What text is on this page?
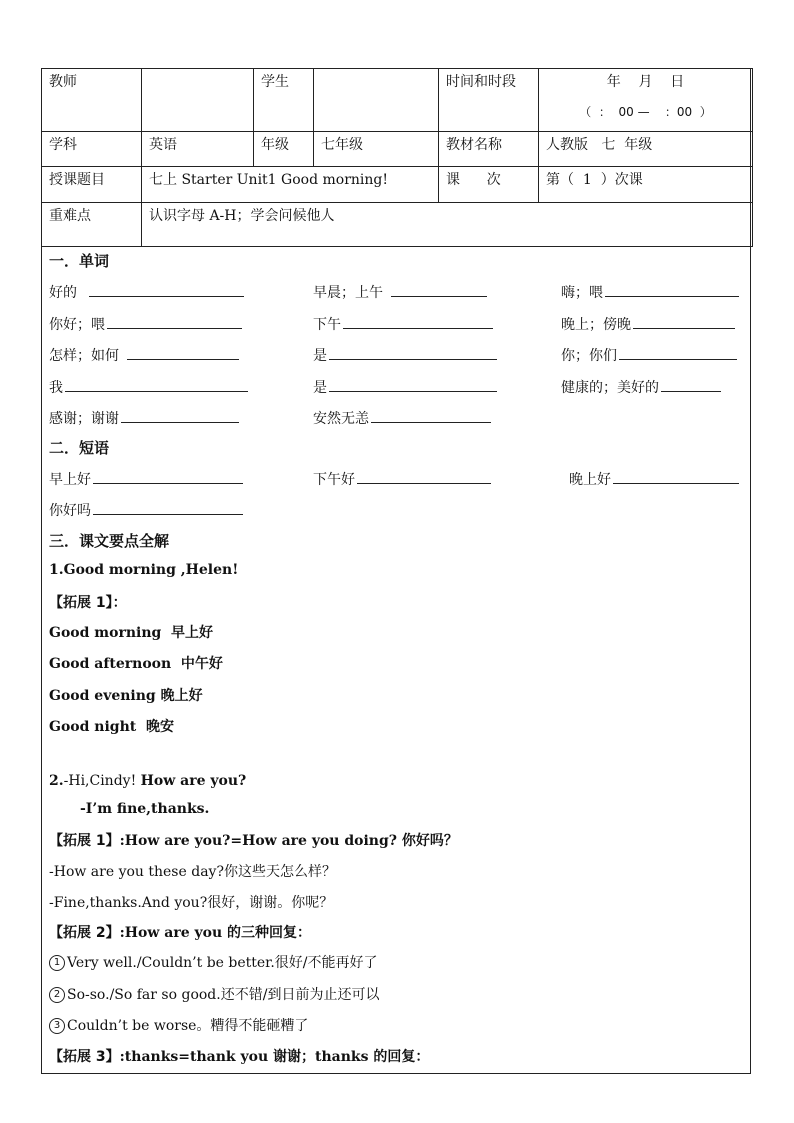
教师		学生		时间和时段	年    月    日
（  ：  00 —    ：00  ）

学科	英语	年级	七年级	教材名称	人教版   七  年级
授课题目	七上 Starter Unit1 Good morning!			课      次	第（  1  ）次课
重难点	认识字母 A-H；学会问候他人				
一．单词
好的	早晨；上午	嗨；喂
你好；喂	下午	晚上；傍晚
怎样；如何	是	你；你们
我	是	健康的；美好的
感谢；谢谢	安然无恙
二．短语
早上好	下午好	晚上好
你好吗
三．课文要点全解
1.Good morning ,Helen!
【拓展 1】：
Good morning 早上好
Good afternoon 中午好
Good evening 晚上好
Good night 晚安
2.-Hi,Cindy! How are you?
-I’m fine,thanks.
【拓展 1】:How are you?=How are you doing? 你好吗？
-How are you these day?你这些天怎么样？
-Fine,thanks.And you?很好，谢谢。你呢？
【拓展 2】:How are you 的三种回复：
1 Very well./Couldn’t be better.很好/不能再好了
2 So-so./So far so good.还不错/到日前为止还可以
3 Couldn’t be worse。糟得不能砸糟了
【拓展 3】:thanks=thank you 谢谢；thanks 的回复：
